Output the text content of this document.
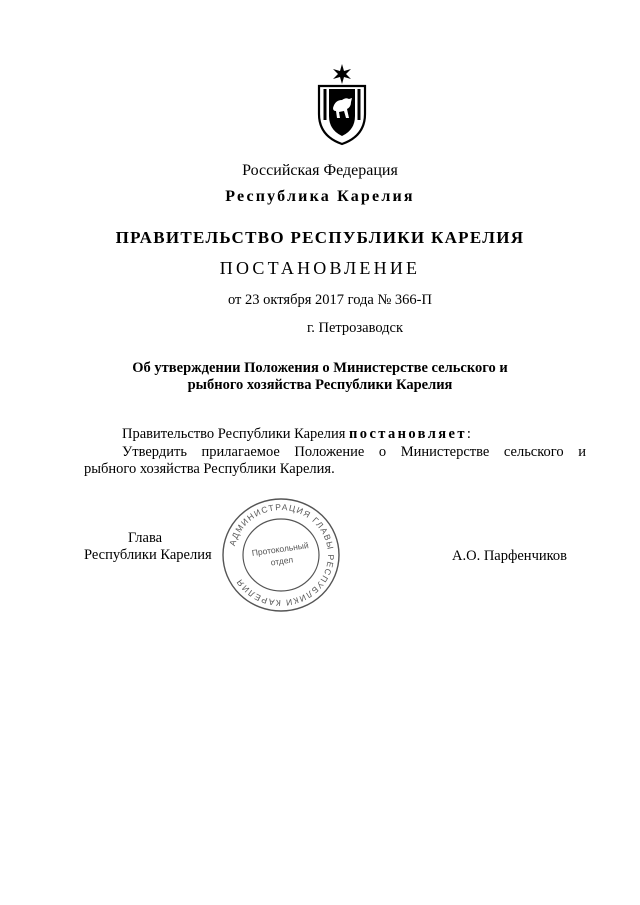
Российская Федерация
Республика Карелия
ПРАВИТЕЛЬСТВО РЕСПУБЛИКИ КАРЕЛИЯ
ПОСТАНОВЛЕНИЕ
от 23 октября 2017 года № 366-П
г. Петрозаводск
Об утверждении Положения о Министерстве сельского и
рыбного хозяйства Республики Карелия
Правительство Республики Карелия постановляет:
Утвердить прилагаемое Положение о Министерстве сельского и
рыбного хозяйства Республики Карелия.
Глава
Республики Карелия
АДМИНИСТРАЦИЯ ГЛАВЫ РЕСПУБЛИКИ КАРЕЛИЯ
Протокольный
отдел	А.О. Парфенчиков
